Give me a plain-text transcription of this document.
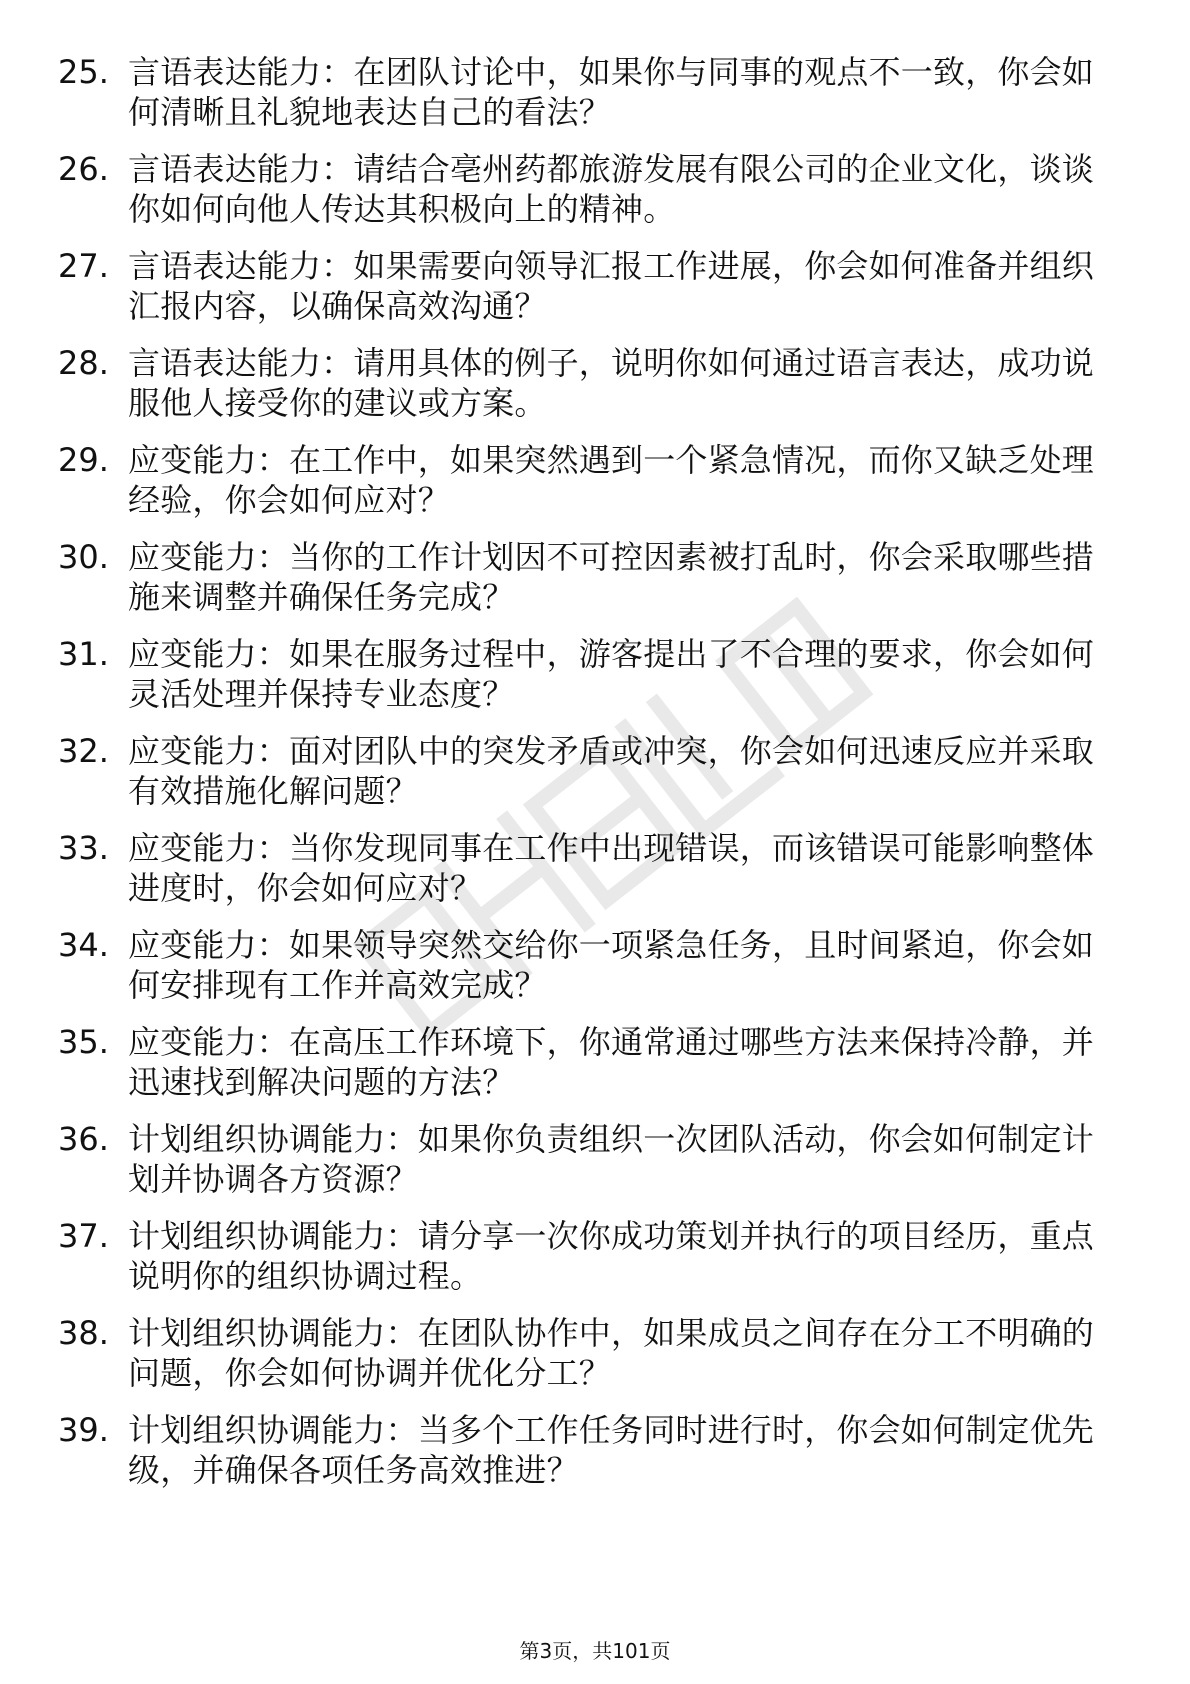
25. 言语表达能力：在团队讨论中，如果你与同事的观点不一致，你会如何清晰且礼貌地表达自己的看法？
26. 言语表达能力：请结合亳州药都旅游发展有限公司的企业文化，谈谈你如何向他人传达其积极向上的精神。
27. 言语表达能力：如果需要向领导汇报工作进展，你会如何准备并组织汇报内容，以确保高效沟通？
28. 言语表达能力：请用具体的例子，说明你如何通过语言表达，成功说服他人接受你的建议或方案。
29. 应变能力：在工作中，如果突然遇到一个紧急情况，而你又缺乏处理经验，你会如何应对？
30. 应变能力：当你的工作计划因不可控因素被打乱时，你会采取哪些措施来调整并确保任务完成？
31. 应变能力：如果在服务过程中，游客提出了不合理的要求，你会如何灵活处理并保持专业态度？
32. 应变能力：面对团队中的突发矛盾或冲突，你会如何迅速反应并采取有效措施化解问题？
33. 应变能力：当你发现同事在工作中出现错误，而该错误可能影响整体进度时，你会如何应对？
34. 应变能力：如果领导突然交给你一项紧急任务，且时间紧迫，你会如何安排现有工作并高效完成？
35. 应变能力：在高压工作环境下，你通常通过哪些方法来保持冷静，并迅速找到解决问题的方法？
36. 计划组织协调能力：如果你负责组织一次团队活动，你会如何制定计划并协调各方资源？
37. 计划组织协调能力：请分享一次你成功策划并执行的项目经历，重点说明你的组织协调过程。
38. 计划组织协调能力：在团队协作中，如果成员之间存在分工不明确的问题，你会如何协调并优化分工？
39. 计划组织协调能力：当多个工作任务同时进行时，你会如何制定优先级，并确保各项任务高效推进？
第3页，共101页
